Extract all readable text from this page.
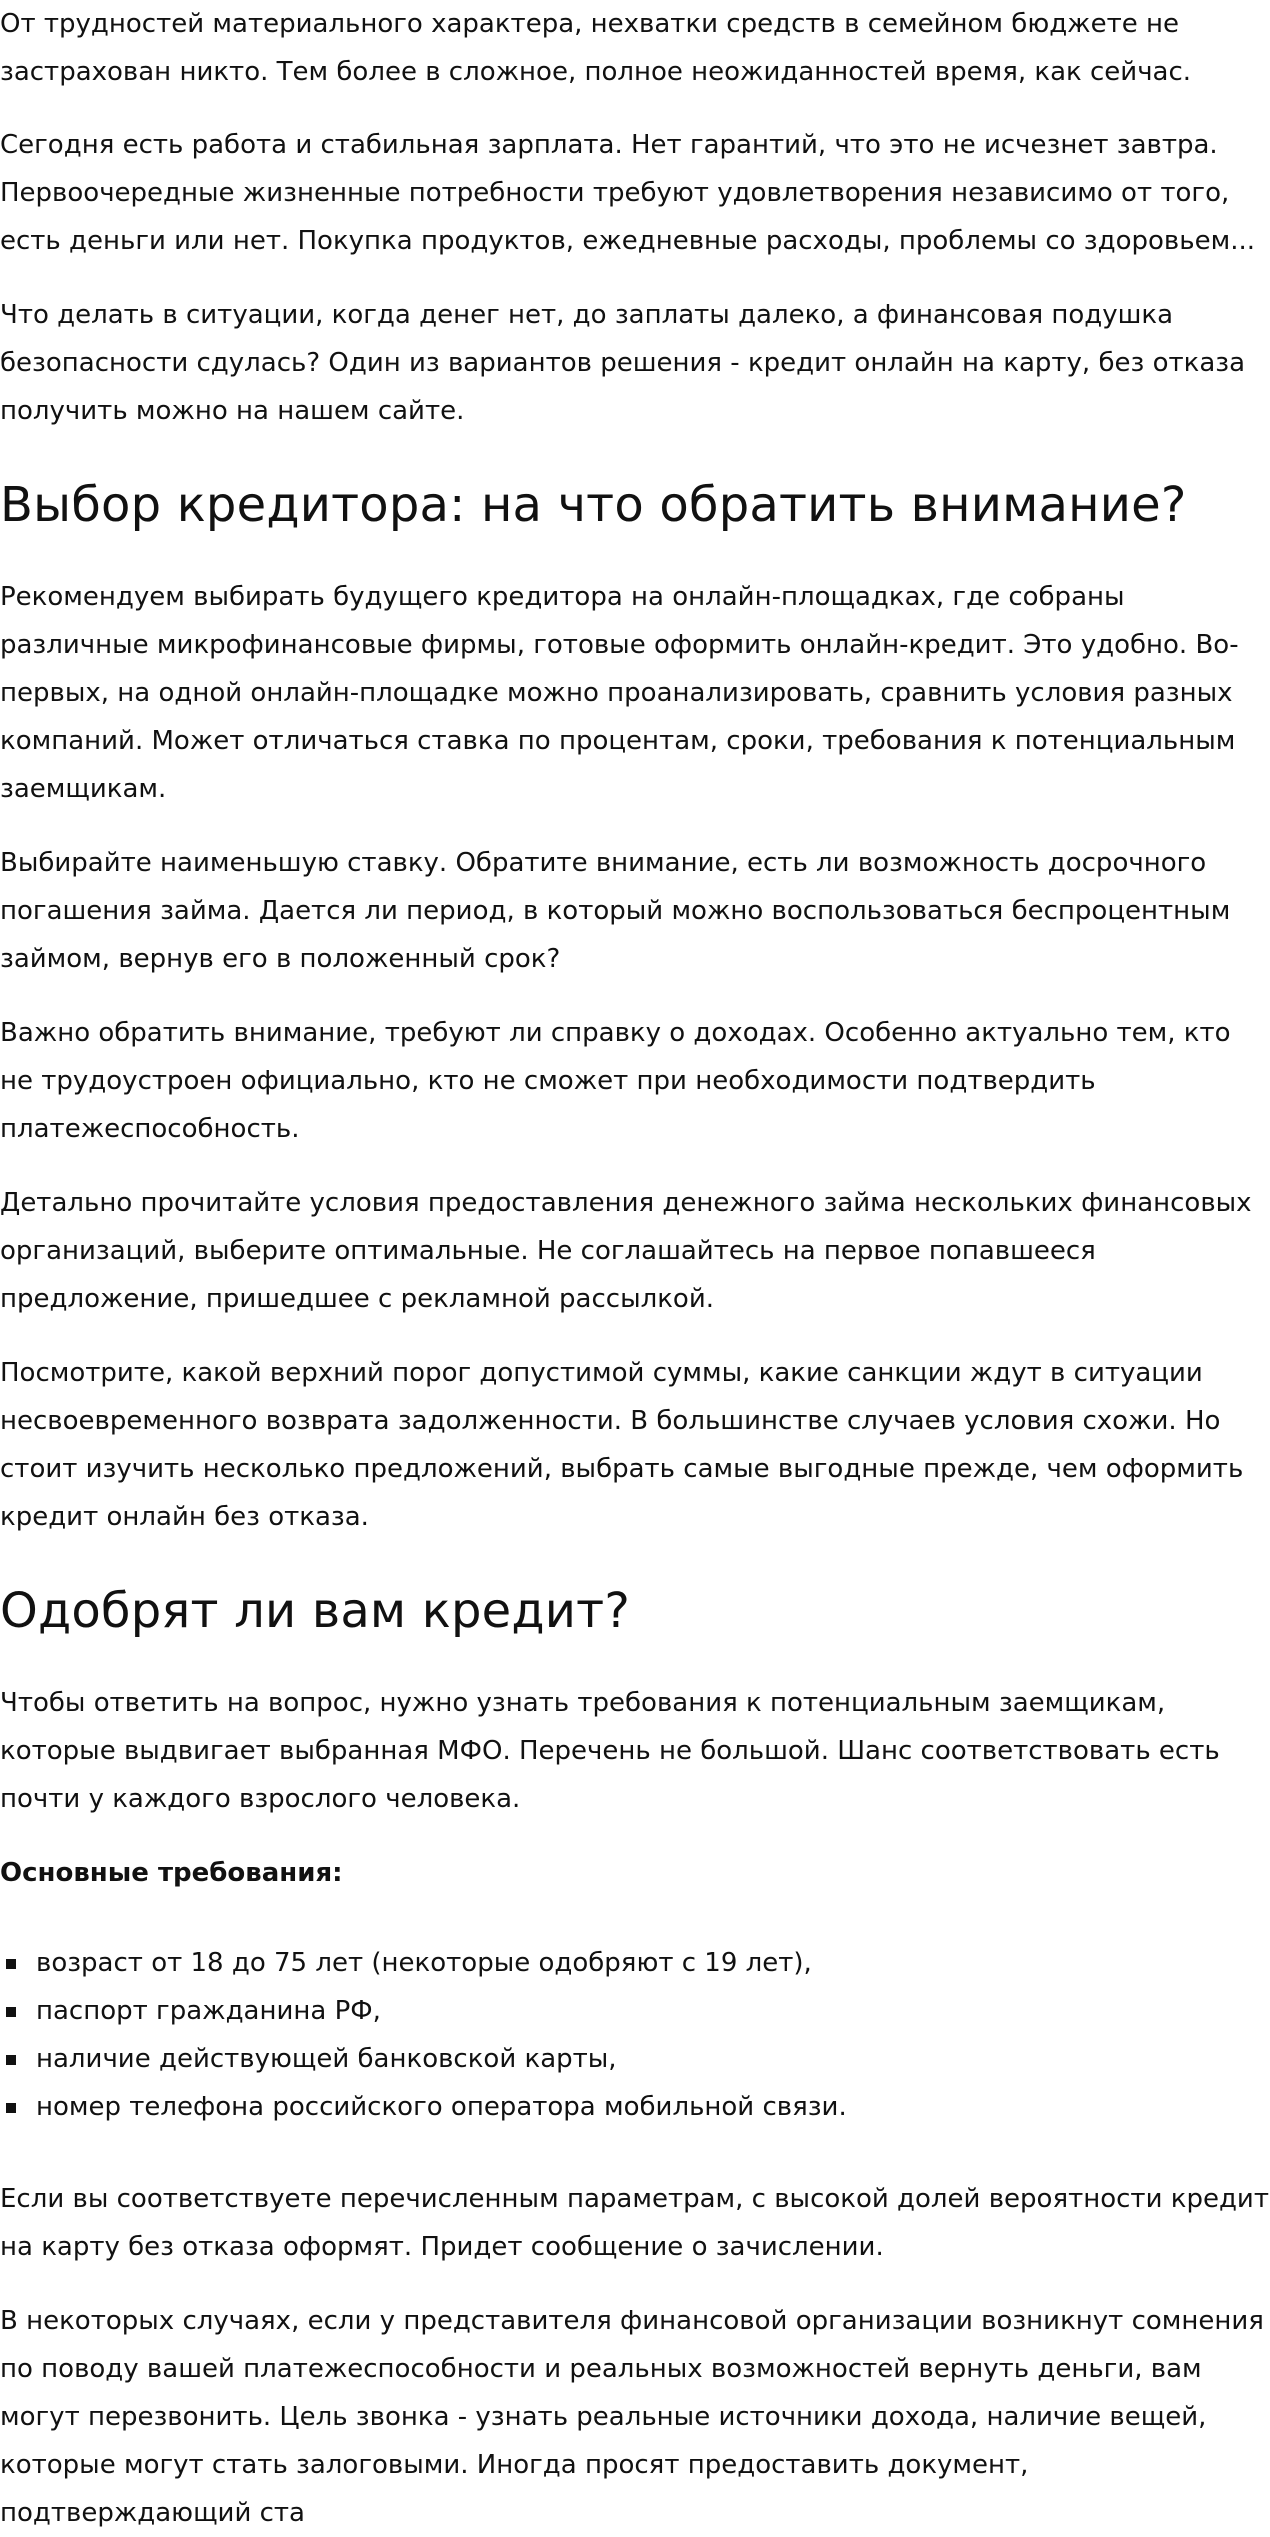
От трудностей материального характера, нехватки средств в семейном бюджете не застрахован никто. Тем более в сложное, полное неожиданностей время, как сейчас.

Сегодня есть работа и стабильная зарплата. Нет гарантий, что это не исчезнет завтра. Первоочередные жизненные потребности требуют удовлетворения независимо от того, есть деньги или нет. Покупка продуктов, ежедневные расходы, проблемы со здоровьем...

Что делать в ситуации, когда денег нет, до заплаты далеко, а финансовая подушка безопасности сдулась? Один из вариантов решения - кредит онлайн на карту, без отказа получить можно на нашем сайте.

Выбор кредитора: на что обратить внимание?

Рекомендуем выбирать будущего кредитора на онлайн-площадках, где собраны различные микрофинансовые фирмы, готовые оформить онлайн-кредит. Это удобно. Во-первых, на одной онлайн-площадке можно проанализировать, сравнить условия разных компаний. Может отличаться ставка по процентам, сроки, требования к потенциальным заемщикам.

Выбирайте наименьшую ставку. Обратите внимание, есть ли возможность досрочного погашения займа. Дается ли период, в который можно воспользоваться беспроцентным займом, вернув его в положенный срок?

Важно обратить внимание, требуют ли справку о доходах. Особенно актуально тем, кто не трудоустроен официально, кто не сможет при необходимости подтвердить платежеспособность.

Детально прочитайте условия предоставления денежного займа нескольких финансовых организаций, выберите оптимальные. Не соглашайтесь на первое попавшееся предложение, пришедшее с рекламной рассылкой.

Посмотрите, какой верхний порог допустимой суммы, какие санкции ждут в ситуации несвоевременного возврата задолженности. В большинстве случаев условия схожи. Но стоит изучить несколько предложений, выбрать самые выгодные прежде, чем оформить кредит онлайн без отказа.

Одобрят ли вам кредит?

Чтобы ответить на вопрос, нужно узнать требования к потенциальным заемщикам, которые выдвигает выбранная МФО. Перечень не большой. Шанс соответствовать есть почти у каждого взрослого человека.

Основные требования:

возраст от 18 до 75 лет (некоторые одобряют с 19 лет),
паспорт гражданина РФ,
наличие действующей банковской карты,
номер телефона российского оператора мобильной связи.

Если вы соответствуете перечисленным параметрам, с высокой долей вероятности кредит на карту без отказа оформят. Придет сообщение о зачислении.

В некоторых случаях, если у представителя финансовой организации возникнут сомнения по поводу вашей платежеспособности и реальных возможностей вернуть деньги, вам могут перезвонить. Цель звонка - узнать реальные источники дохода, наличие вещей, которые могут стать залоговыми. Иногда просят предоставить документ, подтверждающий ста
